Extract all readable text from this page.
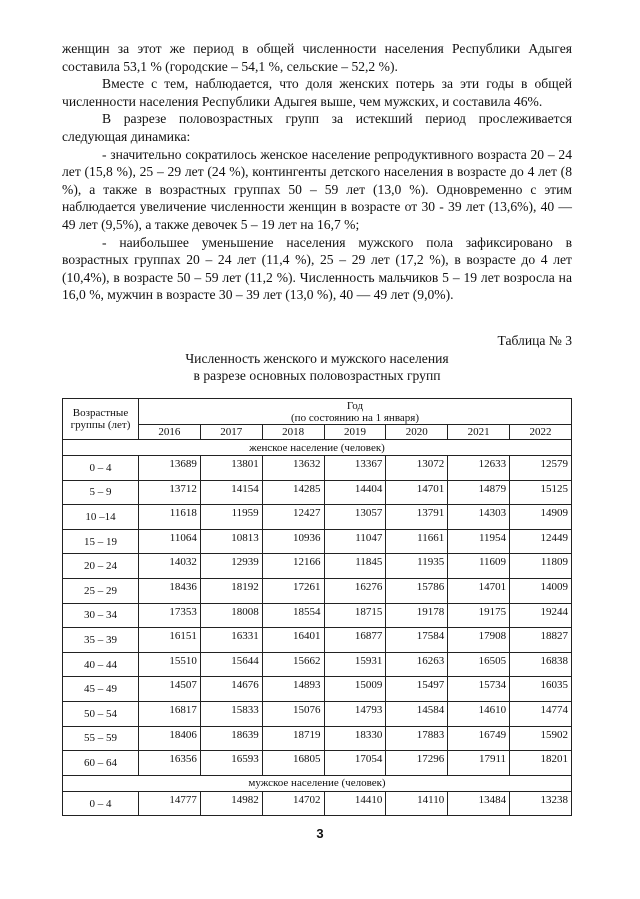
женщин за этот же период в общей численности населения Республики Адыгея составила 53,1 % (городские – 54,1 %, сельские – 52,2 %).

Вместе с тем, наблюдается, что доля женских потерь за эти годы в общей численности населения Республики Адыгея выше, чем мужских, и составила 46%.

В разрезе половозрастных групп за истекший период прослеживается следующая динамика:

- значительно сократилось женское население репродуктивного возраста 20 – 24 лет (15,8 %), 25 – 29 лет (24 %), контингенты детского населения в возрасте до 4 лет (8 %), а также в возрастных группах 50 – 59 лет (13,0 %). Одновременно с этим наблюдается увеличение численности женщин в возрасте от 30 - 39 лет (13,6%), 40 — 49 лет (9,5%), а также девочек 5 – 19 лет на 16,7 %;

- наибольшее уменьшение населения мужского пола зафиксировано в возрастных группах 20 – 24 лет (11,4 %), 25 – 29 лет (17,2 %), в возрасте до 4 лет (10,4%), в возрасте 50 – 59 лет (11,2 %). Численность мальчиков 5 – 19 лет возросла на 16,0 %, мужчин в возрасте 30 – 39 лет (13,0 %), 40 — 49 лет (9,0%).

Таблица № 3
Численность женского и мужского населения
в разрезе основных половозрастных групп
Возрастные группы (лет)	Год
(по состоянию на 1 января)						

	2016	2017	2018	2019	2020	2021	2022
женское население (человек)							
0 – 4	13689	13801	13632	13367	13072	12633	12579
5 – 9	13712	14154	14285	14404	14701	14879	15125
10 –14	11618	11959	12427	13057	13791	14303	14909
15 – 19	11064	10813	10936	11047	11661	11954	12449
20 – 24	14032	12939	12166	11845	11935	11609	11809
25 – 29	18436	18192	17261	16276	15786	14701	14009
30 – 34	17353	18008	18554	18715	19178	19175	19244
35 – 39	16151	16331	16401	16877	17584	17908	18827
40 – 44	15510	15644	15662	15931	16263	16505	16838
45 – 49	14507	14676	14893	15009	15497	15734	16035
50 – 54	16817	15833	15076	14793	14584	14610	14774
55 – 59	18406	18639	18719	18330	17883	16749	15902
60 – 64	16356	16593	16805	17054	17296	17911	18201
мужское население (человек)							
0 – 4	14777	14982	14702	14410	14110	13484	13238
3
